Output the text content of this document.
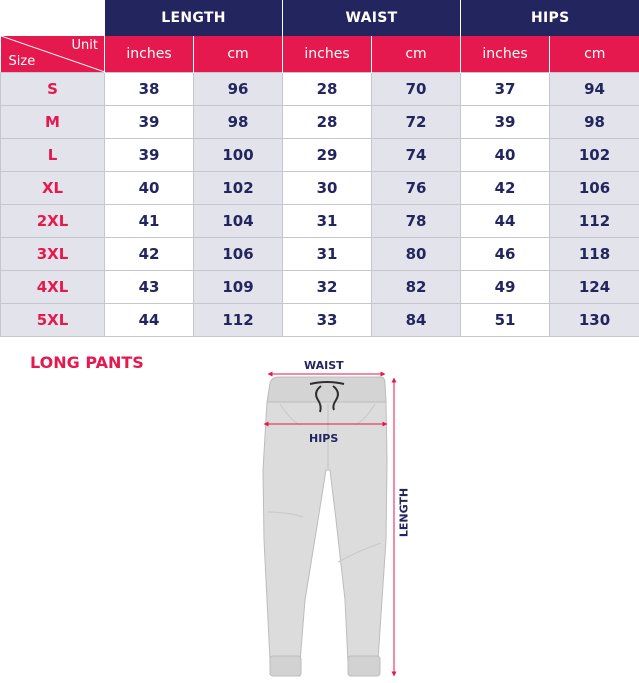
	LENGTH		WAIST		HIPS	

Unit
Size	inches	cm	inches	cm	inches	cm
S	38	96	28	70	37	94
M	39	98	28	72	39	98
L	39	100	29	74	40	102
XL	40	102	30	76	42	106
2XL	41	104	31	78	44	112
3XL	42	106	31	80	46	118
4XL	43	109	32	82	49	124
5XL	44	112	33	84	51	130
LONG PANTS	WAIST
HIPS
LENGTH
